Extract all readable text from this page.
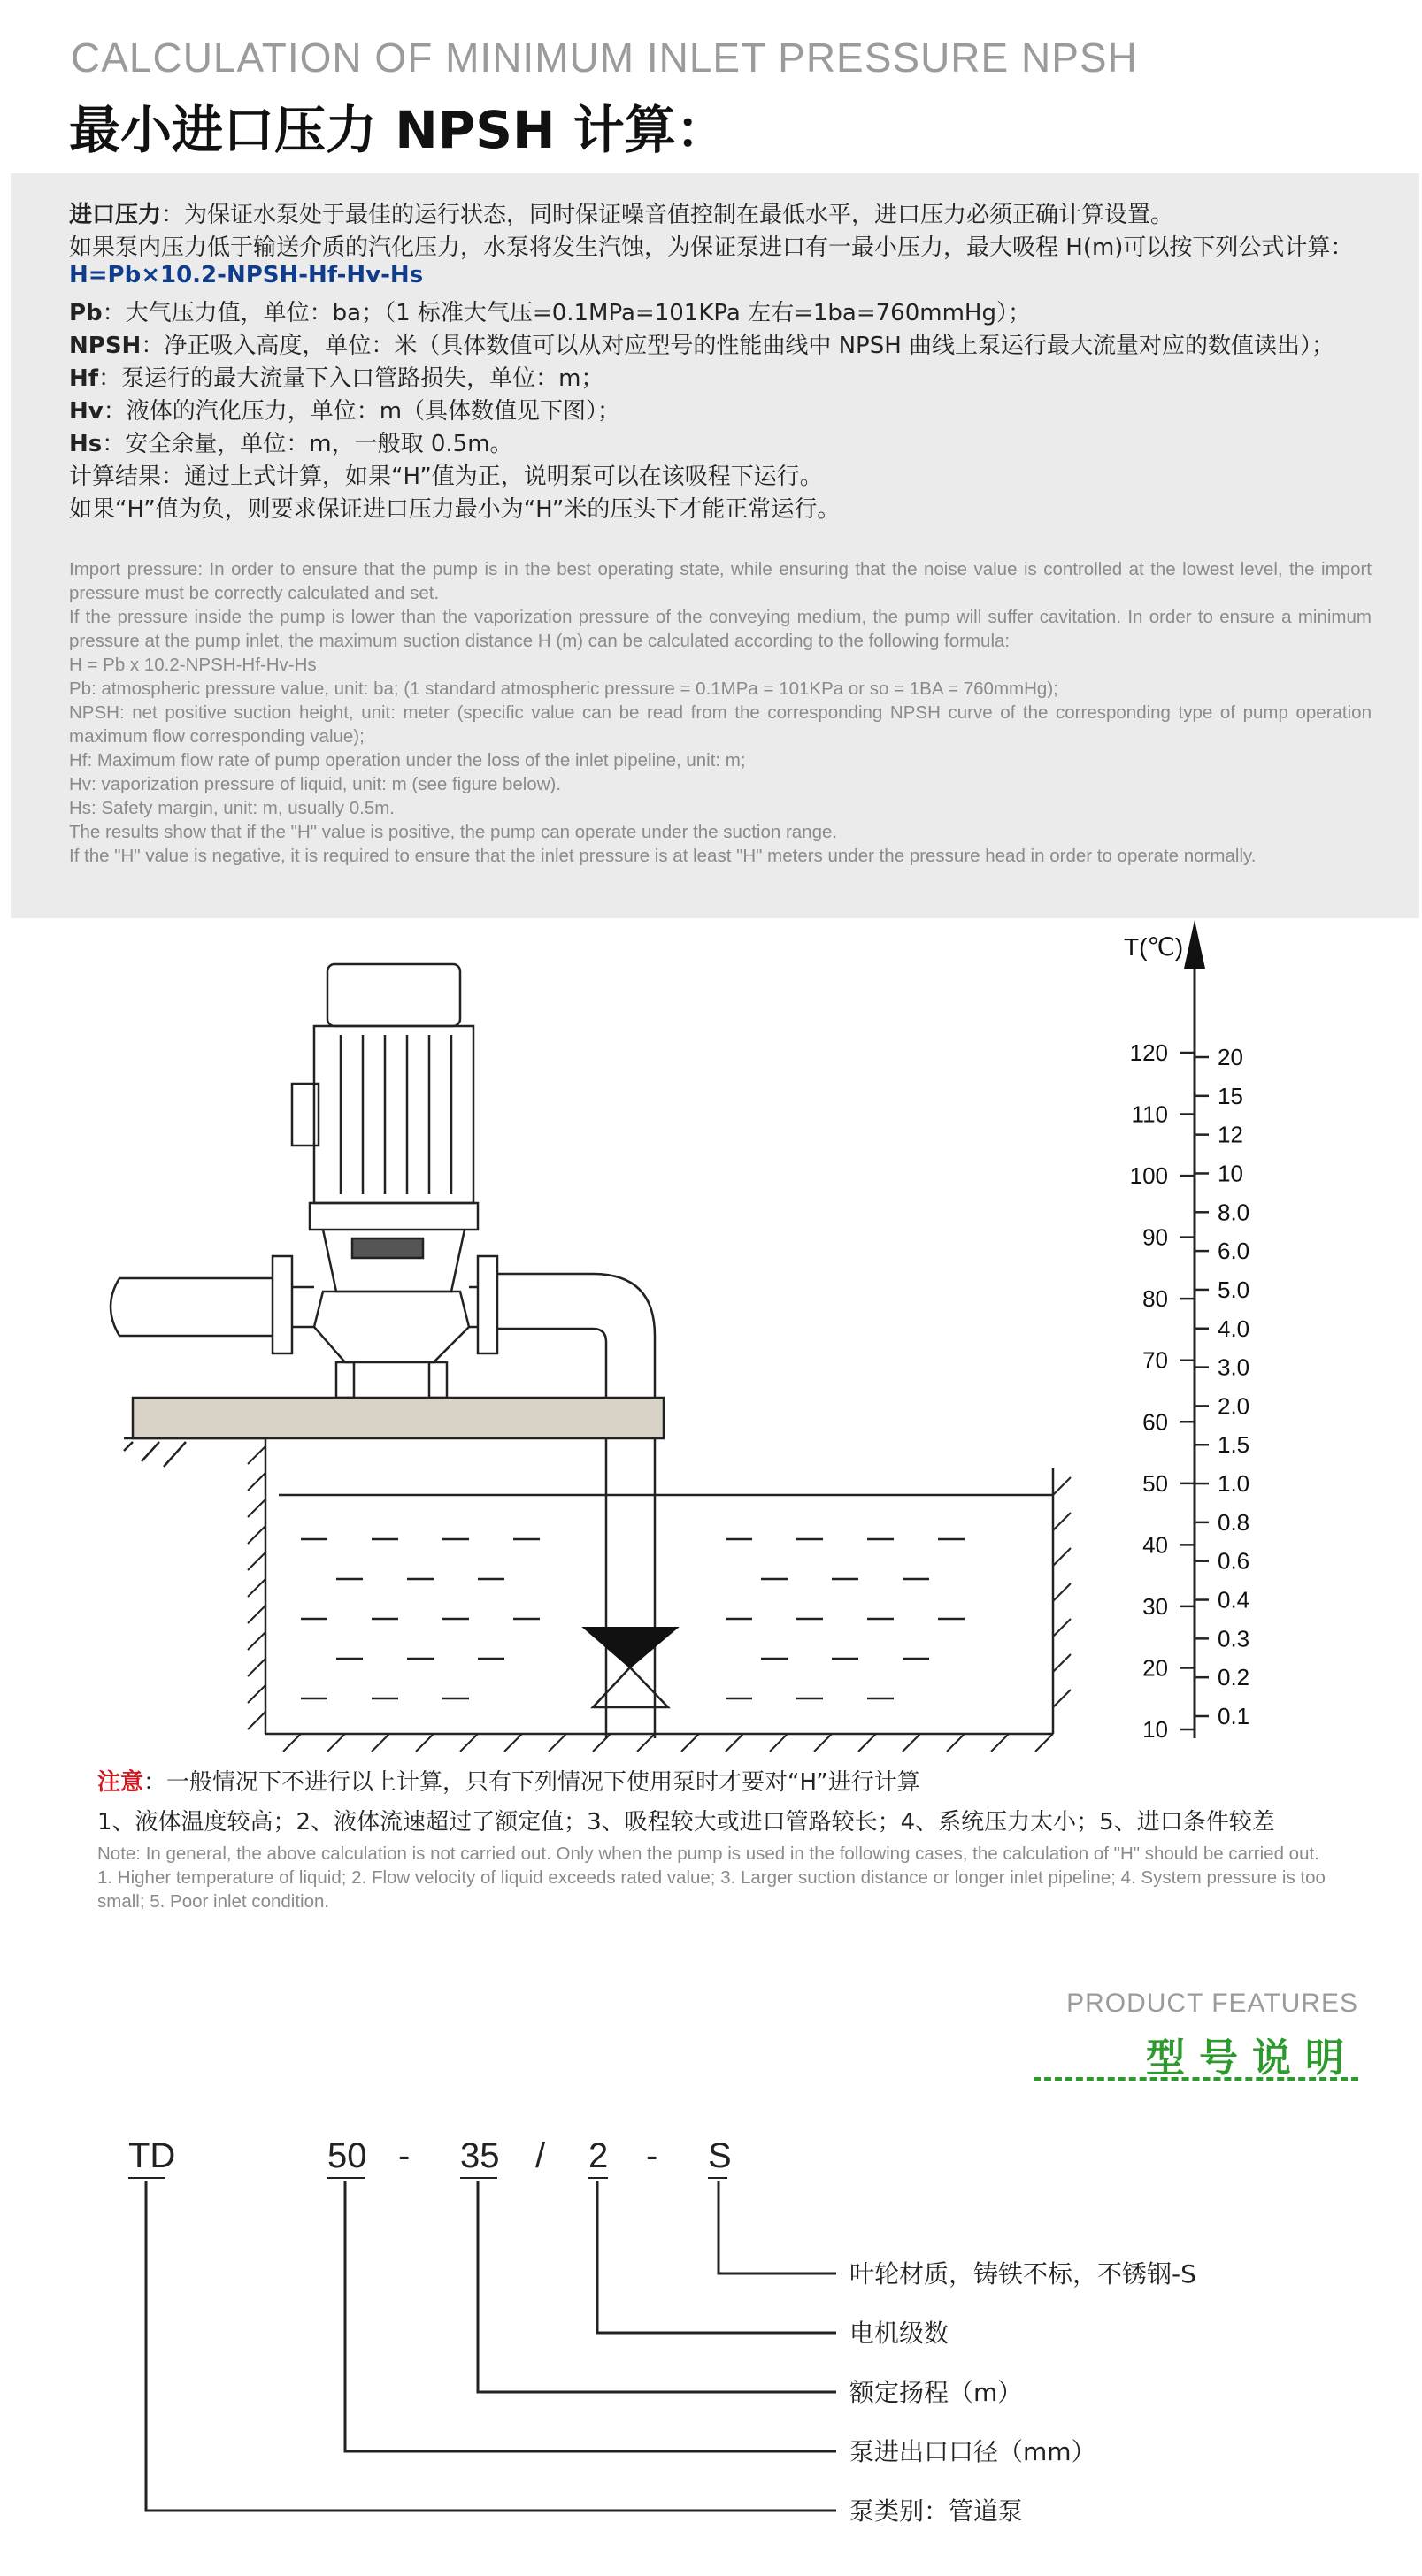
CALCULATION OF MINIMUM INLET PRESSURE NPSH
最小进口压力 NPSH 计算：
进口压力：为保证水泵处于最佳的运行状态，同时保证噪音值控制在最低水平，进口压力必须正确计算设置。
如果泵内压力低于输送介质的汽化压力，水泵将发生汽蚀，为保证泵进口有一最小压力，最大吸程 H(m)可以按下列公式计算：
H=Pb×10.2-NPSH-Hf-Hv-Hs
Pb：大气压力值，单位：ba；（1 标准大气压=0.1MPa=101KPa 左右=1ba=760mmHg）；
NPSH：净正吸入高度，单位：米（具体数值可以从对应型号的性能曲线中 NPSH 曲线上泵运行最大流量对应的数值读出）；
Hf：泵运行的最大流量下入口管路损失，单位：m；
Hv：液体的汽化压力，单位：m（具体数值见下图）；
Hs：安全余量，单位：m，一般取 0.5m。
计算结果：通过上式计算，如果“H”值为正，说明泵可以在该吸程下运行。
如果“H”值为负，则要求保证进口压力最小为“H”米的压头下才能正常运行。

Import pressure: In order to ensure that the pump is in the best operating state, while ensuring that the noise value is controlled at the lowest level, the import pressure must be correctly calculated and set.

If the pressure inside the pump is lower than the vaporization pressure of the conveying medium, the pump will suffer cavitation. In order to ensure a minimum pressure at the pump inlet, the maximum suction distance H (m) can be calculated according to the following formula:

H = Pb x 10.2-NPSH-Hf-Hv-Hs

Pb: atmospheric pressure value, unit: ba; (1 standard atmospheric pressure = 0.1MPa = 101KPa or so = 1BA = 760mmHg);

NPSH: net positive suction height, unit: meter (specific value can be read from the corresponding NPSH curve of the corresponding type of pump operation maximum flow corresponding value);

Hf: Maximum flow rate of pump operation under the loss of the inlet pipeline, unit: m;

Hv: vaporization pressure of liquid, unit: m (see figure below).

Hs: Safety margin, unit: m, usually 0.5m.

The results show that if the "H" value is positive, the pump can operate under the suction range.

If the "H" value is negative, it is required to ensure that the inlet pressure is at least "H" meters under the pressure head in order to operate normally.

T(℃)
120
110
100
90
80
70
60
50
40
30
20
10
20
15
12
10
8.0
6.0
5.0
4.0
3.0
2.0
1.5
1.0
0.8
0.6
0.4
0.3
0.2
0.1
注意：一般情况下不进行以上计算，只有下列情况下使用泵时才要对“H”进行计算
1、液体温度较高；2、液体流速超过了额定值；3、吸程较大或进口管路较长；4、系统压力太小；5、进口条件较差
Note: In general, the above calculation is not carried out. Only when the pump is used in the following cases, the calculation of "H" should be carried out.
1. Higher temperature of liquid; 2. Flow velocity of liquid exceeds rated value; 3. Larger suction distance or longer inlet pipeline; 4. System pressure is too small; 5. Poor inlet condition.
PRODUCT FEATURES
型号说明
TD	50 - 35 / 2 - S
叶轮材质，铸铁不标，不锈钢-S
电机级数
额定扬程（m）
泵进出口口径（mm）
泵类别：管道泵
